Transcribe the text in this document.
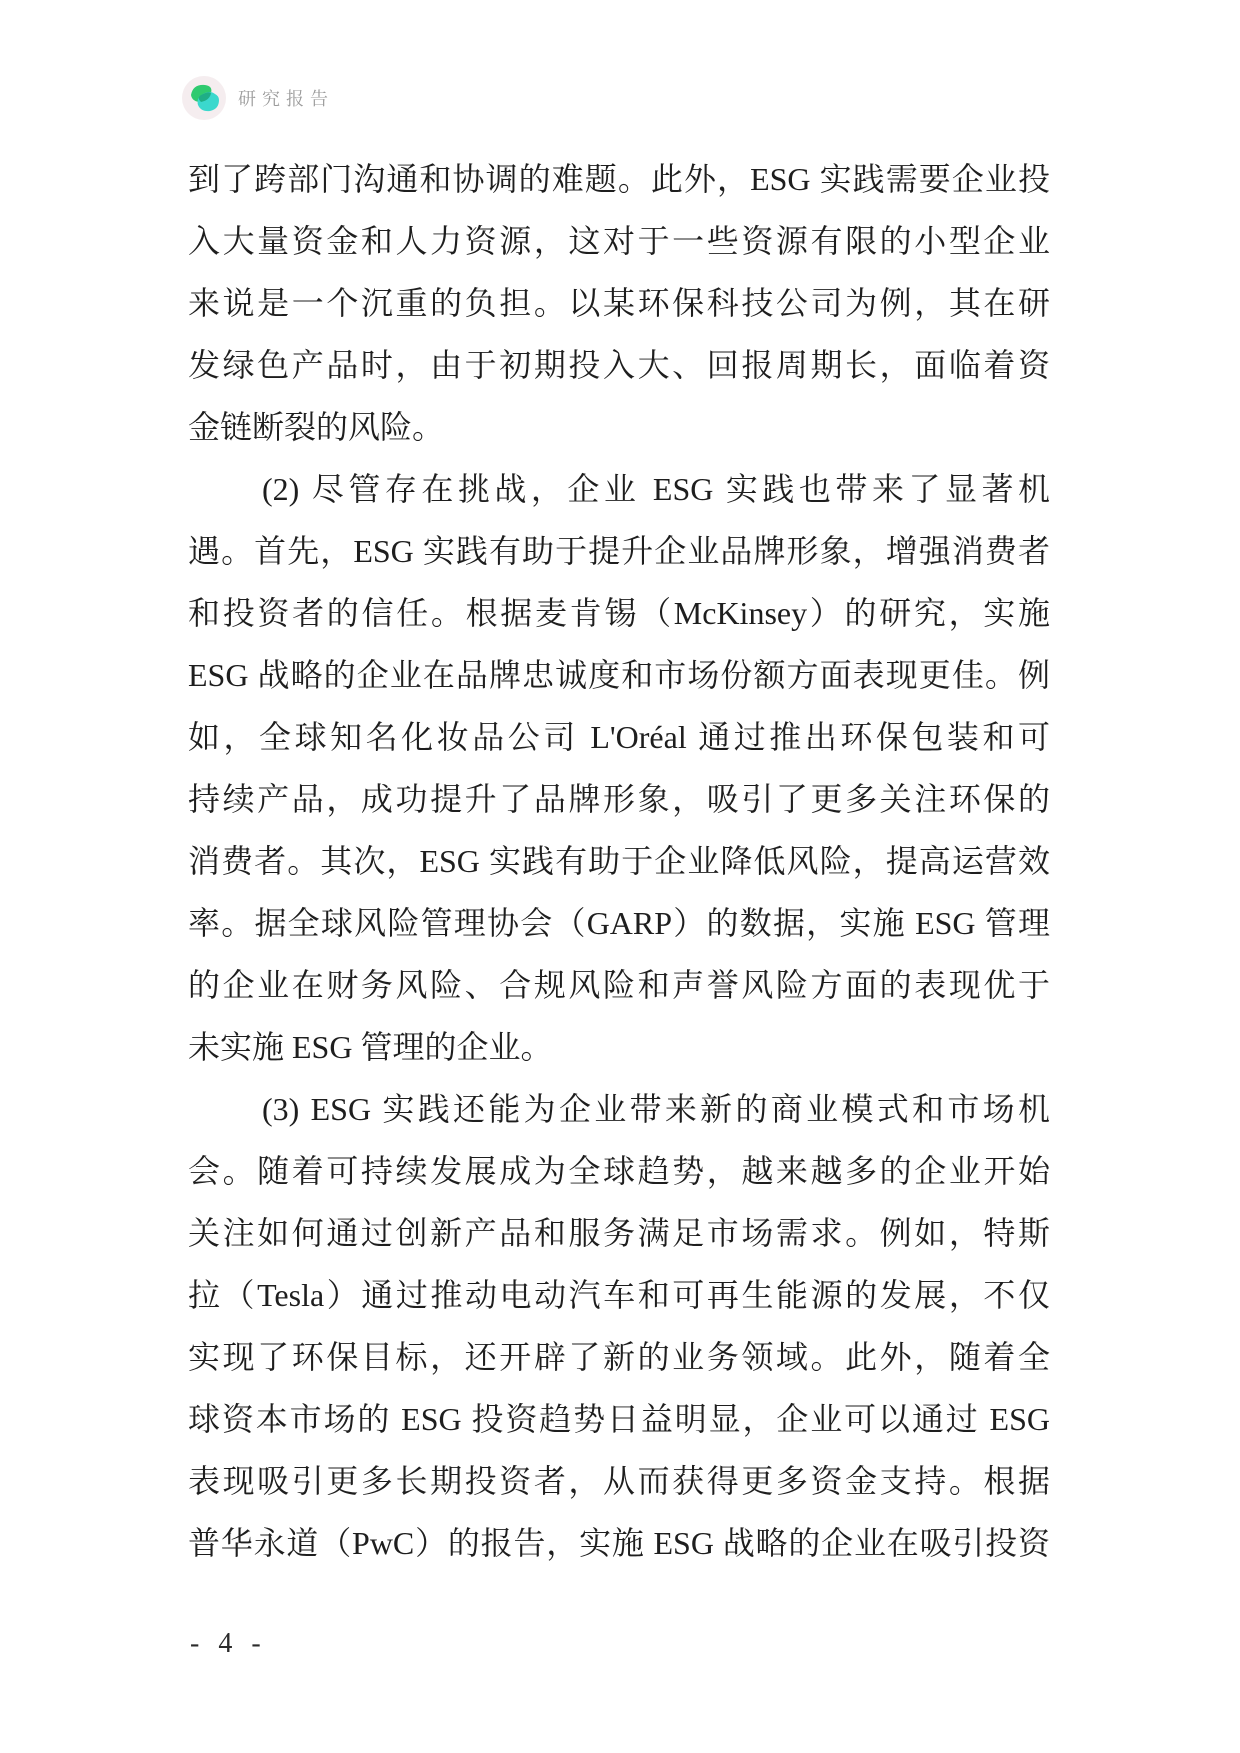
研究报告
到了跨部门沟通和协调的难题。此外，ESG 实践需要企业投
入大量资金和人力资源，这对于一些资源有限的小型企业
来说是一个沉重的负担。以某环保科技公司为例，其在研
发绿色产品时，由于初期投入大、回报周期长，面临着资
金链断裂的风险。
(2) 尽管存在挑战，企业 ESG 实践也带来了显著机
遇。首先，ESG 实践有助于提升企业品牌形象，增强消费者
和投资者的信任。根据麦肯锡（McKinsey）的研究，实施
ESG 战略的企业在品牌忠诚度和市场份额方面表现更佳。例
如，全球知名化妆品公司 L'Oréal 通过推出环保包装和可
持续产品，成功提升了品牌形象，吸引了更多关注环保的
消费者。其次，ESG 实践有助于企业降低风险，提高运营效
率。据全球风险管理协会（GARP）的数据，实施 ESG 管理
的企业在财务风险、合规风险和声誉风险方面的表现优于
未实施 ESG 管理的企业。
(3) ESG 实践还能为企业带来新的商业模式和市场机
会。随着可持续发展成为全球趋势，越来越多的企业开始
关注如何通过创新产品和服务满足市场需求。例如，特斯
拉（Tesla）通过推动电动汽车和可再生能源的发展，不仅
实现了环保目标，还开辟了新的业务领域。此外，随着全
球资本市场的 ESG 投资趋势日益明显，企业可以通过 ESG
表现吸引更多长期投资者，从而获得更多资金支持。根据
普华永道（PwC）的报告，实施 ESG 战略的企业在吸引投资
- 4 -
